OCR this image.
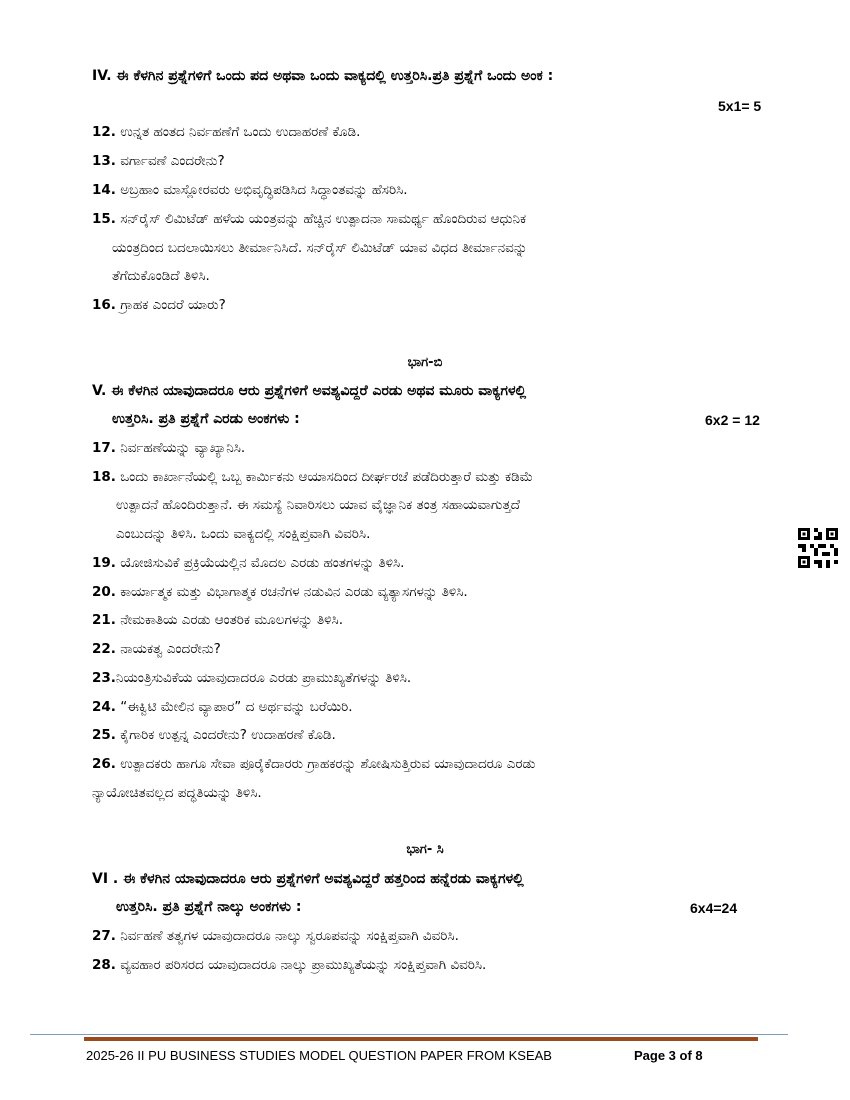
IV. ಈ ಕೆಳಗಿನ ಪ್ರಶ್ನೆಗಳಿಗೆ ಒಂದು ಪದ ಅಥವಾ ಒಂದು ವಾಕ್ಯದಲ್ಲಿ ಉತ್ತರಿಸಿ.ಪ್ರತಿ ಪ್ರಶ್ನೆಗೆ ಒಂದು ಅಂಕ :
5x1= 5
12. ಉನ್ನತ ಹಂತದ ನಿರ್ವಹಣೆಗೆ ಒಂದು ಉದಾಹರಣೆ ಕೊಡಿ.
13. ವರ್ಗಾವಣೆ ಎಂದರೇನು?
14. ಅಬ್ರಹಾಂ ಮಾಸ್ಲೋರವರು ಅಭಿವೃದ್ಧಿಪಡಿಸಿದ ಸಿದ್ಧಾಂತವನ್ನು ಹೆಸರಿಸಿ.
15. ಸನ್‌ರೈಸ್ ಲಿಮಿಟೆಡ್ ಹಳೆಯ ಯಂತ್ರವನ್ನು ಹೆಚ್ಚಿನ ಉತ್ಪಾದನಾ ಸಾಮರ್ಥ್ಯ ಹೊಂದಿರುವ ಆಧುನಿಕ
ಯಂತ್ರದಿಂದ ಬದಲಾಯಿಸಲು ತೀರ್ಮಾನಿಸಿದೆ. ಸನ್‌ರೈಸ್ ಲಿಮಿಟೆಡ್ ಯಾವ ವಿಧದ ತೀರ್ಮಾನವನ್ನು
ತೆಗೆದುಕೊಂಡಿದೆ ತಿಳಿಸಿ.
16. ಗ್ರಾಹಕ ಎಂದರೆ ಯಾರು?
ಭಾಗ-ಬಿ
V. ಈ ಕೆಳಗಿನ ಯಾವುದಾದರೂ ಆರು ಪ್ರಶ್ನೆಗಳಿಗೆ ಅವಶ್ಯವಿದ್ದರೆ ಎರಡು ಅಥವ ಮೂರು ವಾಕ್ಯಗಳಲ್ಲಿ
ಉತ್ತರಿಸಿ. ಪ್ರತಿ ಪ್ರಶ್ನೆಗೆ ಎರಡು ಅಂಕಗಳು :	6x2 = 12
17. ನಿರ್ವಹಣೆಯನ್ನು ವ್ಯಾಖ್ಯಾನಿಸಿ.
18. ಒಂದು ಕಾರ್ಖಾನೆಯಲ್ಲಿ ಒಬ್ಬ ಕಾರ್ಮಿಕನು ಆಯಾಸದಿಂದ ದೀರ್ಘರಜೆ ಪಡೆದಿರುತ್ತಾರೆ ಮತ್ತು ಕಡಿಮೆ
ಉತ್ಪಾದನೆ ಹೊಂದಿರುತ್ತಾನೆ. ಈ ಸಮಸ್ಯೆ ನಿವಾರಿಸಲು ಯಾವ ವೈಜ್ಞಾನಿಕ ತಂತ್ರ ಸಹಾಯವಾಗುತ್ತದೆ
ಎಂಬುದನ್ನು ತಿಳಿಸಿ. ಒಂದು ವಾಕ್ಯದಲ್ಲಿ ಸಂಕ್ಷಿಪ್ತವಾಗಿ ವಿವರಿಸಿ.
19. ಯೋಜಿಸುವಿಕೆ ಪ್ರಕ್ರಿಯೆಯಲ್ಲಿನ ಮೊದಲ ಎರಡು ಹಂತಗಳನ್ನು ತಿಳಿಸಿ.
20. ಕಾರ್ಯಾತ್ಮಕ ಮತ್ತು ವಿಭಾಗಾತ್ಮಕ ರಚನೆಗಳ ನಡುವಿನ ಎರಡು ವ್ಯತ್ಯಾಸಗಳನ್ನು ತಿಳಿಸಿ.
21. ನೇಮಕಾತಿಯ ಎರಡು ಆಂತರಿಕ ಮೂಲಗಳನ್ನು ತಿಳಿಸಿ.
22. ನಾಯಕತ್ವ ಎಂದರೇನು?
23.ನಿಯಂತ್ರಿಸುವಿಕೆಯ ಯಾವುದಾದರೂ ಎರಡು ಪ್ರಾಮುಖ್ಯತೆಗಳನ್ನು ತಿಳಿಸಿ.
24. “ಈಕ್ವಿಟಿ ಮೇಲಿನ ವ್ಯಾಪಾರ” ದ ಅರ್ಥವನ್ನು ಬರೆಯಿರಿ.
25. ಕೈಗಾರಿಕ ಉತ್ಪನ್ನ ಎಂದರೇನು? ಉದಾಹರಣೆ ಕೊಡಿ.
26. ಉತ್ಪಾದಕರು ಹಾಗೂ ಸೇವಾ ಪೂರೈಕೆದಾರರು ಗ್ರಾಹಕರನ್ನು ಶೋಷಿಸುತ್ತಿರುವ ಯಾವುದಾದರೂ ಎರಡು
ನ್ಯಾಯೋಚಿತವಲ್ಲದ ಪದ್ಧತಿಯನ್ನು ತಿಳಿಸಿ.
ಭಾಗ- ಸಿ
VI . ಈ ಕೆಳಗಿನ ಯಾವುದಾದರೂ ಆರು ಪ್ರಶ್ನೆಗಳಿಗೆ ಅವಶ್ಯವಿದ್ದರೆ ಹತ್ತರಿಂದ ಹನ್ನೆರಡು ವಾಕ್ಯಗಳಲ್ಲಿ
ಉತ್ತರಿಸಿ. ಪ್ರತಿ ಪ್ರಶ್ನೆಗೆ ನಾಲ್ಕು ಅಂಕಗಳು :	6x4=24
27. ನಿರ್ವಹಣೆ ತತ್ವಗಳ ಯಾವುದಾದರೂ ನಾಲ್ಕು ಸ್ವರೂಪವನ್ನು ಸಂಕ್ಷಿಪ್ತವಾಗಿ ವಿವರಿಸಿ.
28. ವ್ಯವಹಾರ ಪರಿಸರದ ಯಾವುದಾದರೂ ನಾಲ್ಕು ಪ್ರಾಮುಖ್ಯತೆಯನ್ನು ಸಂಕ್ಷಿಪ್ತವಾಗಿ ವಿವರಿಸಿ.
2025-26 II PU BUSINESS STUDIES MODEL QUESTION PAPER FROM KSEAB	Page 3 of 8
